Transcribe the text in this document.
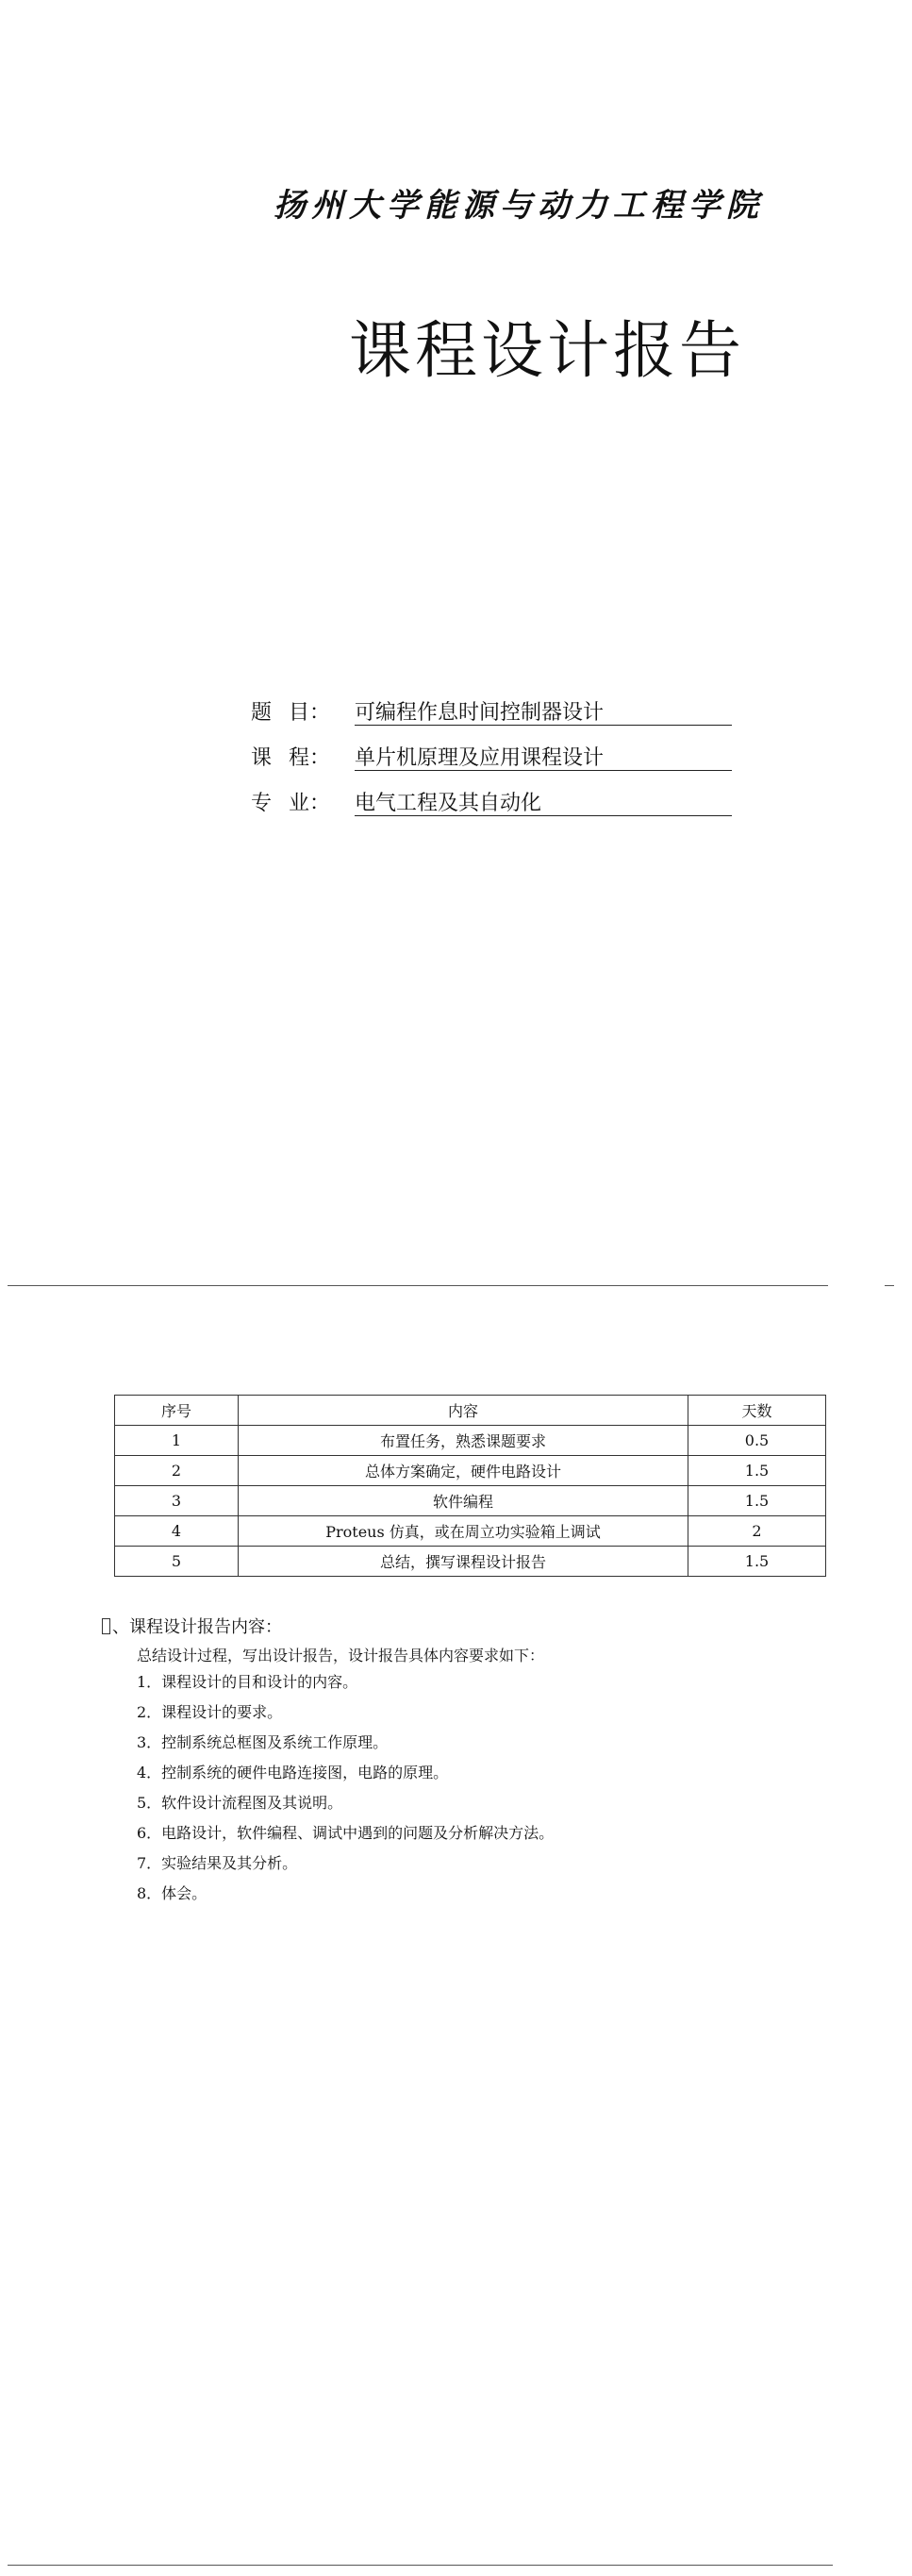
扬州大学能源与动力工程学院
课程设计报告
题 目： 可编程作息时间控制器设计
课 程： 单片机原理及应用课程设计
专 业： 电气工程及其自动化
序号	内容	天数
1	布置任务，熟悉课题要求	0.5
2	总体方案确定，硬件电路设计	1.5
3	软件编程	1.5
4	Proteus 仿真，或在周立功实验箱上调试	2
5	总结，撰写课程设计报告	1.5
、课程设计报告内容：
总结设计过程，写出设计报告，设计报告具体内容要求如下：
1．课程设计的目和设计的内容。
2．课程设计的要求。
3．控制系统总框图及系统工作原理。
4．控制系统的硬件电路连接图，电路的原理。
5．软件设计流程图及其说明。
6．电路设计，软件编程、调试中遇到的问题及分析解决方法。
7．实验结果及其分析。
8．体会。
